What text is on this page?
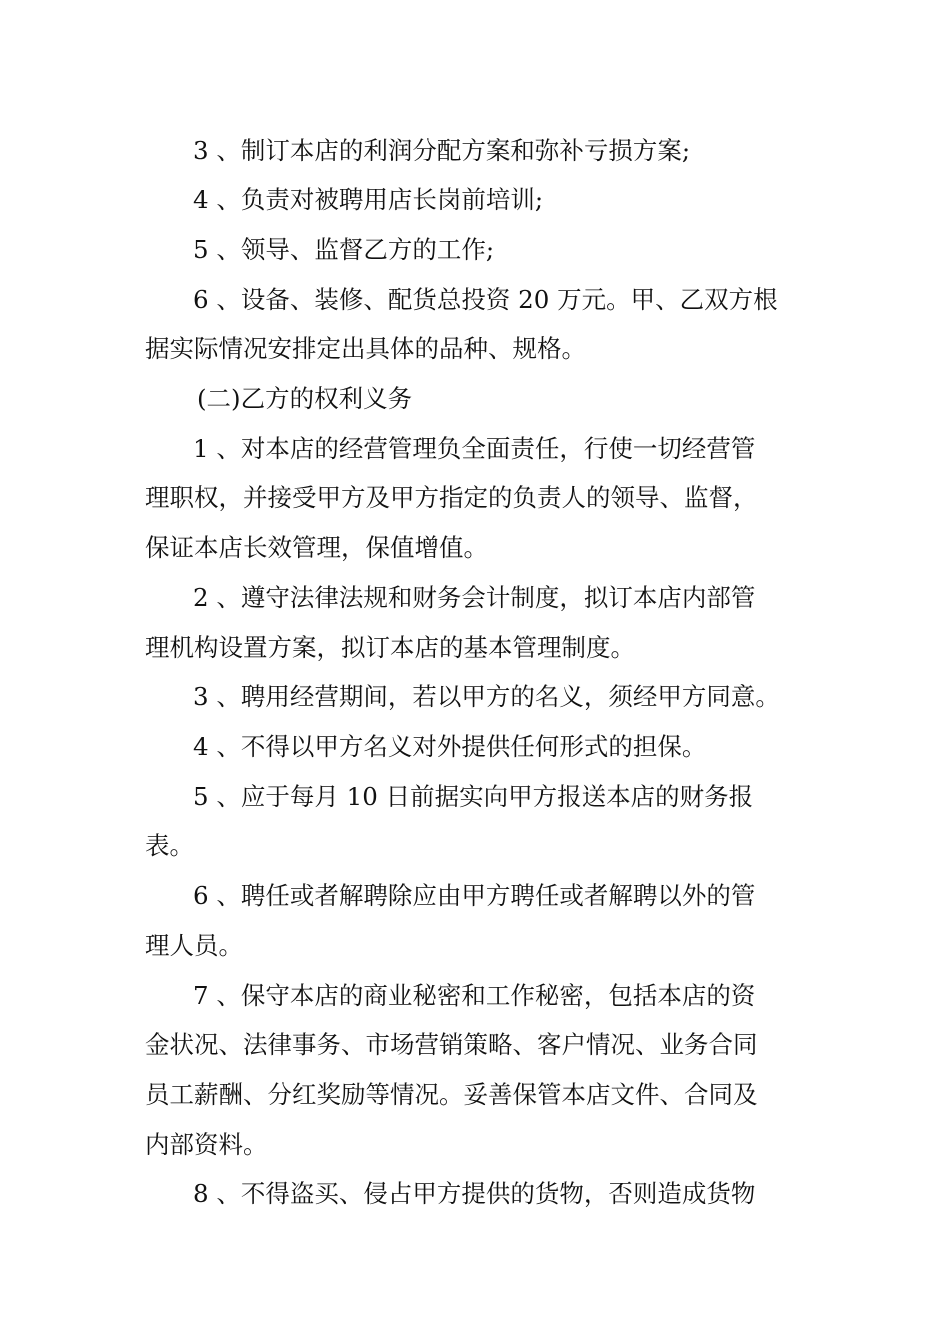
3 、制订本店的利润分配方案和弥补亏损方案;
4 、负责对被聘用店长岗前培训;
5 、领导、监督乙方的工作;
6 、设备、装修、配货总投资 20 万元。甲、乙双方根
据实际情况安排定出具体的品种、规格。
(二)乙方的权利义务
1 、对本店的经营管理负全面责任，行使一切经营管
理职权，并接受甲方及甲方指定的负责人的领导、监督，
保证本店长效管理，保值增值。
2 、遵守法律法规和财务会计制度，拟订本店内部管
理机构设置方案，拟订本店的基本管理制度。
3 、聘用经营期间，若以甲方的名义，须经甲方同意。
4 、不得以甲方名义对外提供任何形式的担保。
5 、应于每月 10 日前据实向甲方报送本店的财务报
表。
6 、聘任或者解聘除应由甲方聘任或者解聘以外的管
理人员。
7 、保守本店的商业秘密和工作秘密，包括本店的资
金状况、法律事务、市场营销策略、客户情况、业务合同
员工薪酬、分红奖励等情况。妥善保管本店文件、合同及
内部资料。
8 、不得盗买、侵占甲方提供的货物，否则造成货物
